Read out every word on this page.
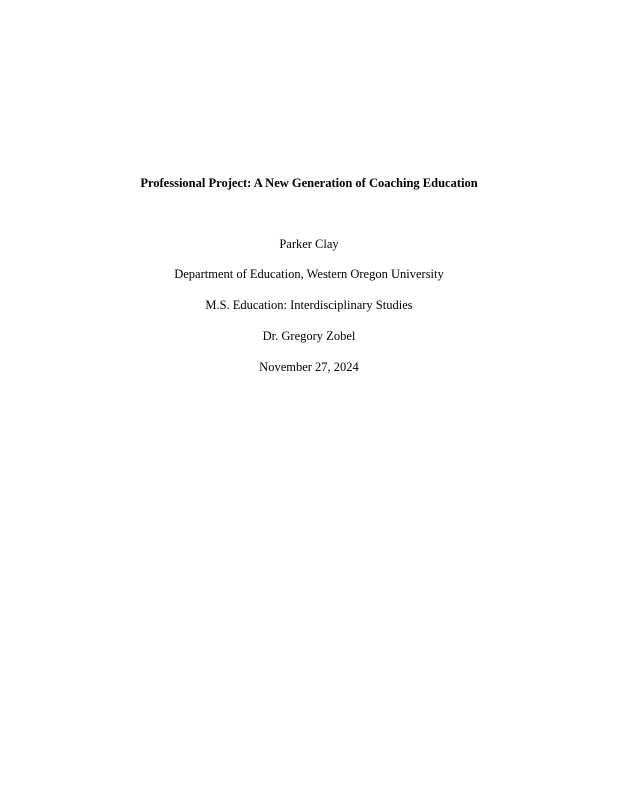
Professional Project: A New Generation of Coaching Education
Parker Clay
Department of Education, Western Oregon University
M.S. Education: Interdisciplinary Studies
Dr. Gregory Zobel
November 27, 2024
